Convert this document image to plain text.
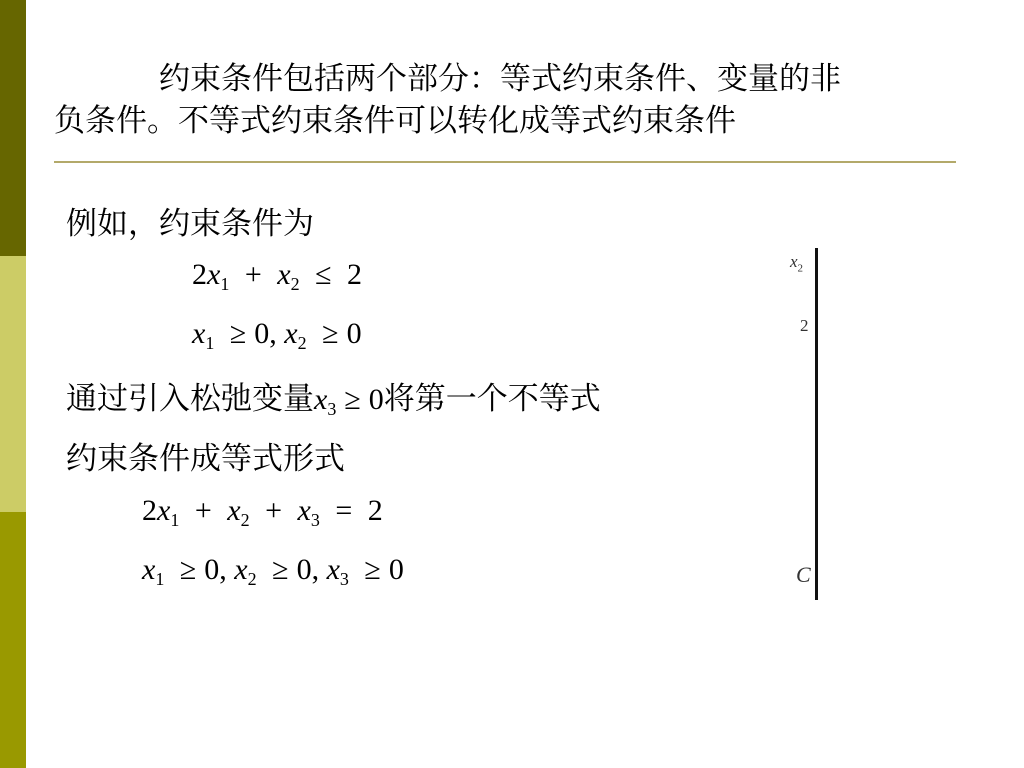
约束条件包括两个部分：等式约束条件、变量的非
负条件。不等式约束条件可以转化成等式约束条件
例如，约束条件为
$2x_1 + x_2 \le 2$
$x_1 \ge 0$, $x_2 \ge 0$
通过引入松弛变量$x_3 \ge 0$将第一个不等式
约束条件成等式形式
$2x_1 + x_2 + x_3 = 2$
$x_1 \ge 0$, $x_2 \ge 0$, $x_3 \ge 0$
$x_2$
2
C
